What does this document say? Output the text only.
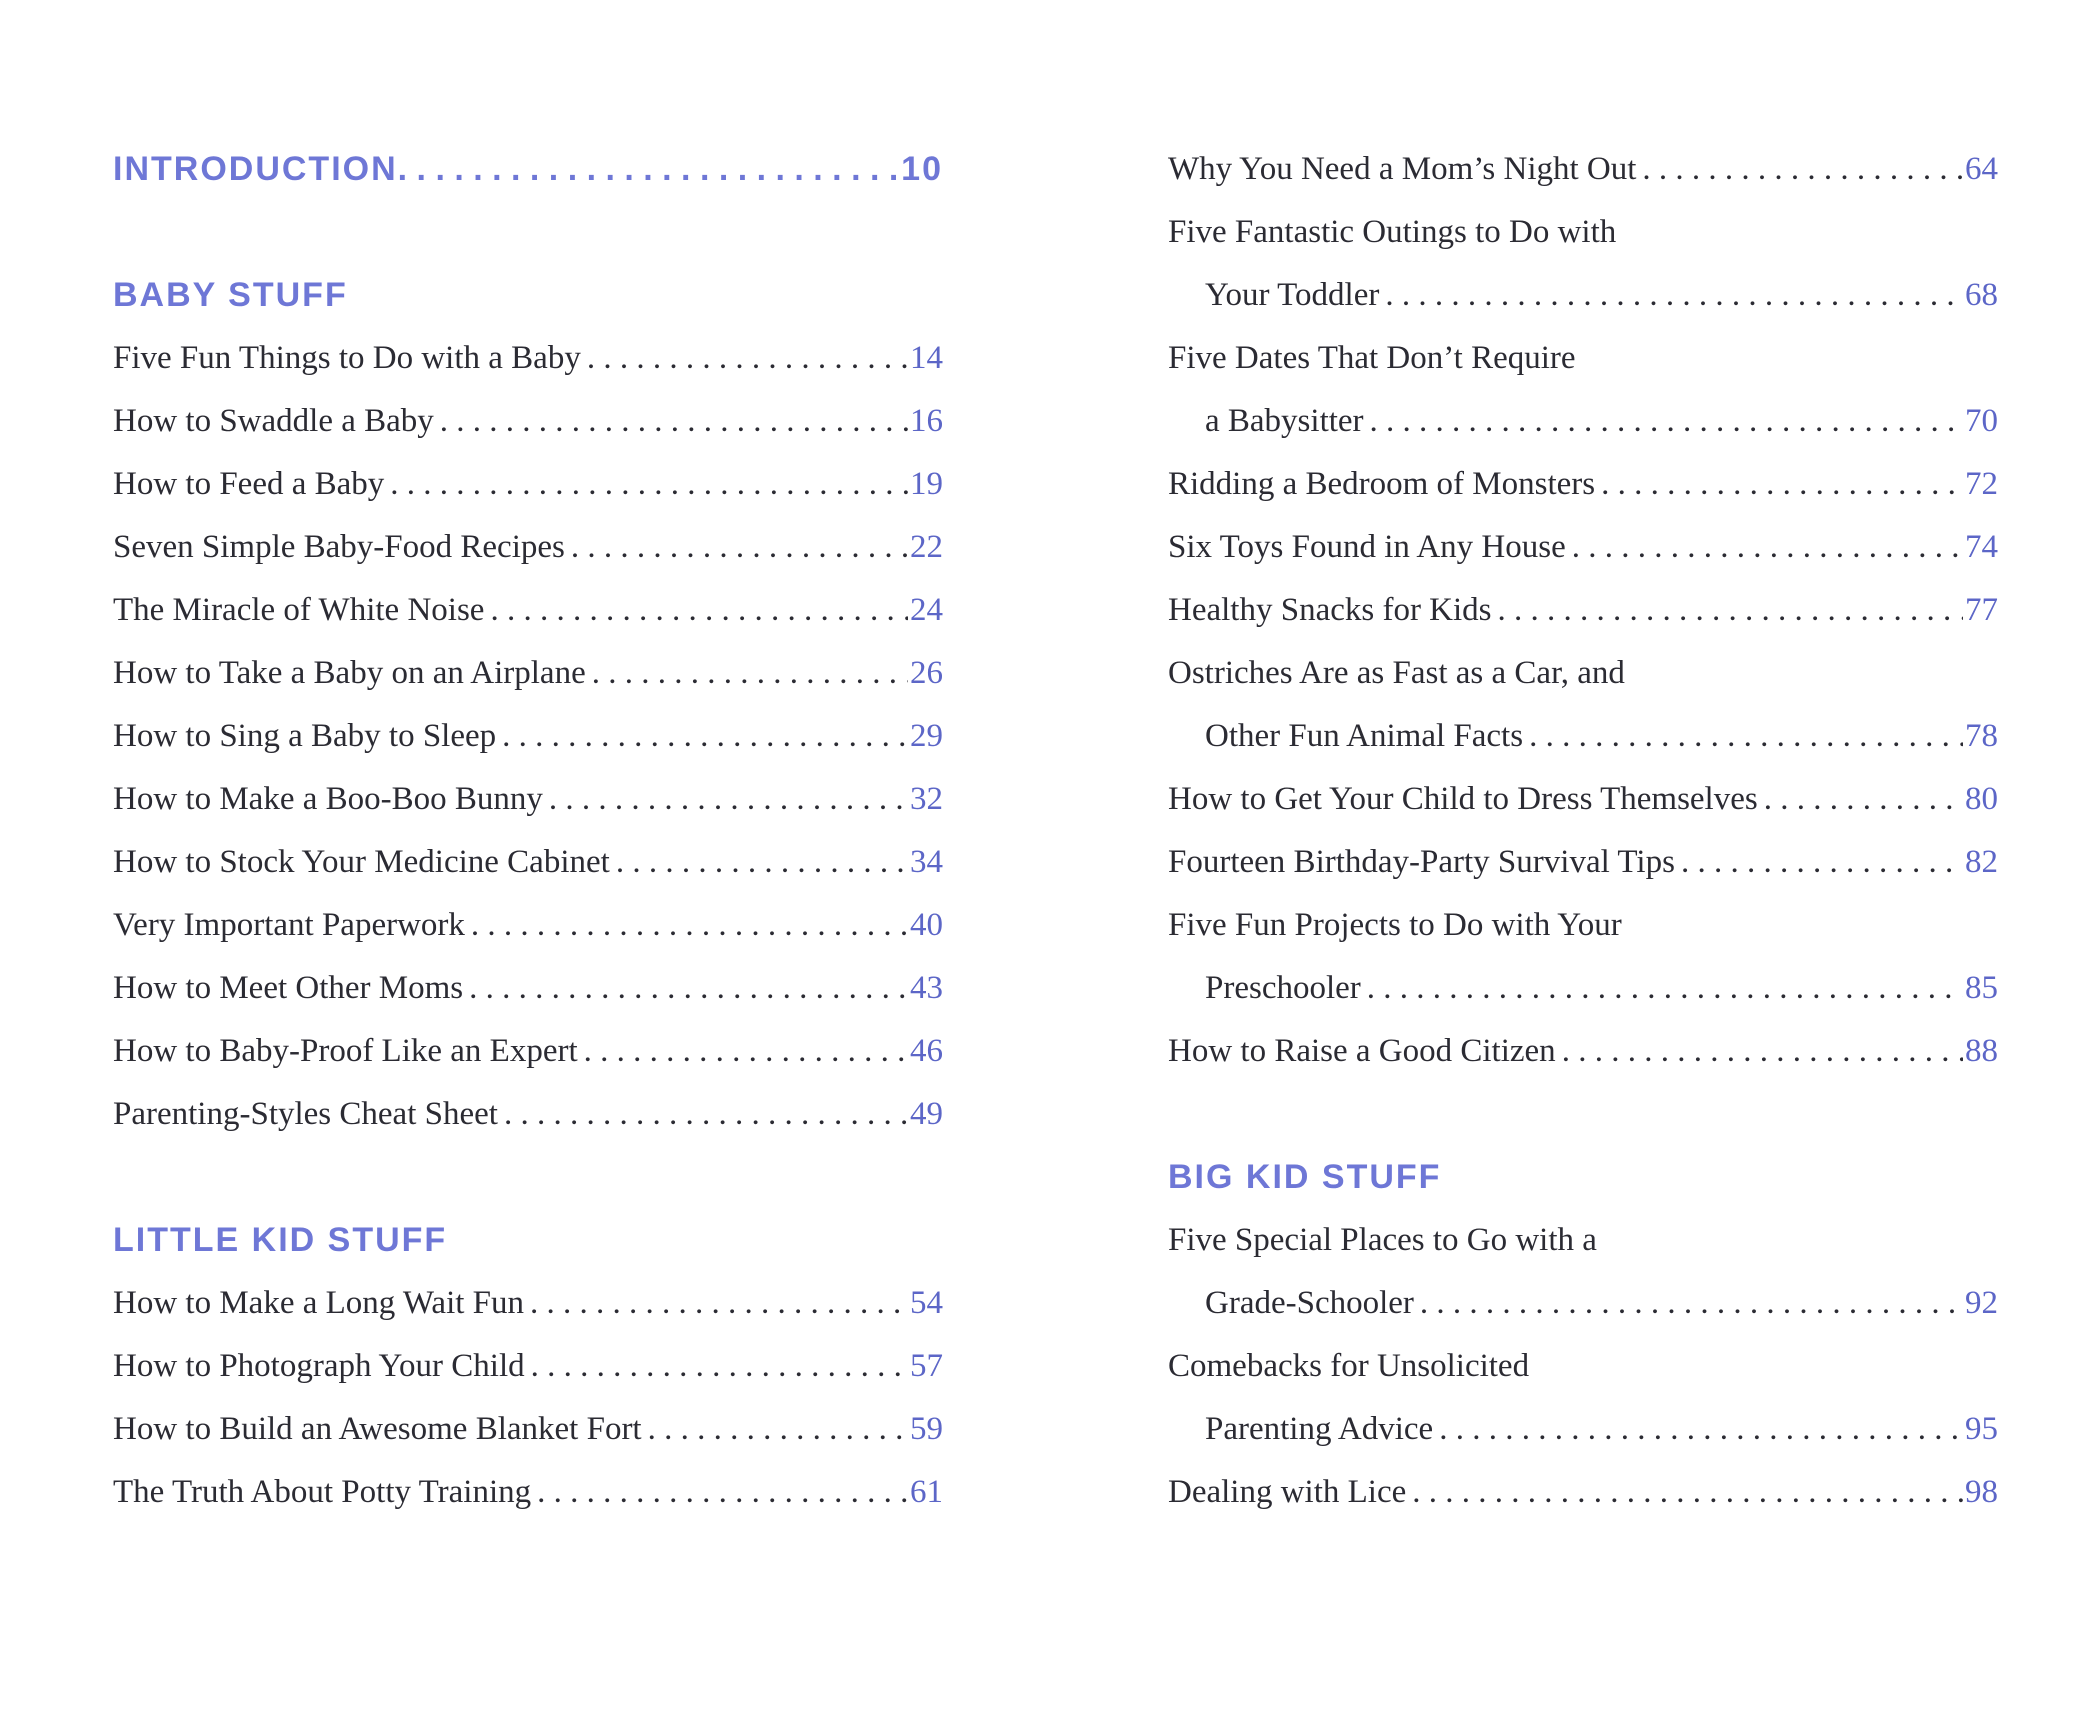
INTRODUCTION . . .	10
BABY STUFF
Five Fun Things to Do with a Baby . . .	14
How to Swaddle a Baby . . .	16
How to Feed a Baby . . .	19
Seven Simple Baby-Food Recipes . . .	22
The Miracle of White Noise . . .	24
How to Take a Baby on an Airplane . . .	26
How to Sing a Baby to Sleep . . .	29
How to Make a Boo-Boo Bunny . . .	32
How to Stock Your Medicine Cabinet . . .	34
Very Important Paperwork . . .	40
How to Meet Other Moms . . .	43
How to Baby-Proof Like an Expert . . .	46
Parenting-Styles Cheat Sheet . . .	49
LITTLE KID STUFF
How to Make a Long Wait Fun . . .	54
How to Photograph Your Child . . .	57
How to Build an Awesome Blanket Fort . . .	59
The Truth About Potty Training . . .	61
Why You Need a Mom’s Night Out . . .	64
Five Fantastic Outings to Do with
Your Toddler . . .	68
Five Dates That Don’t Require
a Babysitter . . .	70
Ridding a Bedroom of Monsters . . .	72
Six Toys Found in Any House . . .	74
Healthy Snacks for Kids . . .	77
Ostriches Are as Fast as a Car, and
Other Fun Animal Facts . . .	78
How to Get Your Child to Dress Themselves . . .	80
Fourteen Birthday-Party Survival Tips . . .	82
Five Fun Projects to Do with Your
Preschooler . . .	85
How to Raise a Good Citizen . . .	88
BIG KID STUFF
Five Special Places to Go with a
Grade-Schooler . . .	92
Comebacks for Unsolicited
Parenting Advice . . .	95
Dealing with Lice . . .	98
